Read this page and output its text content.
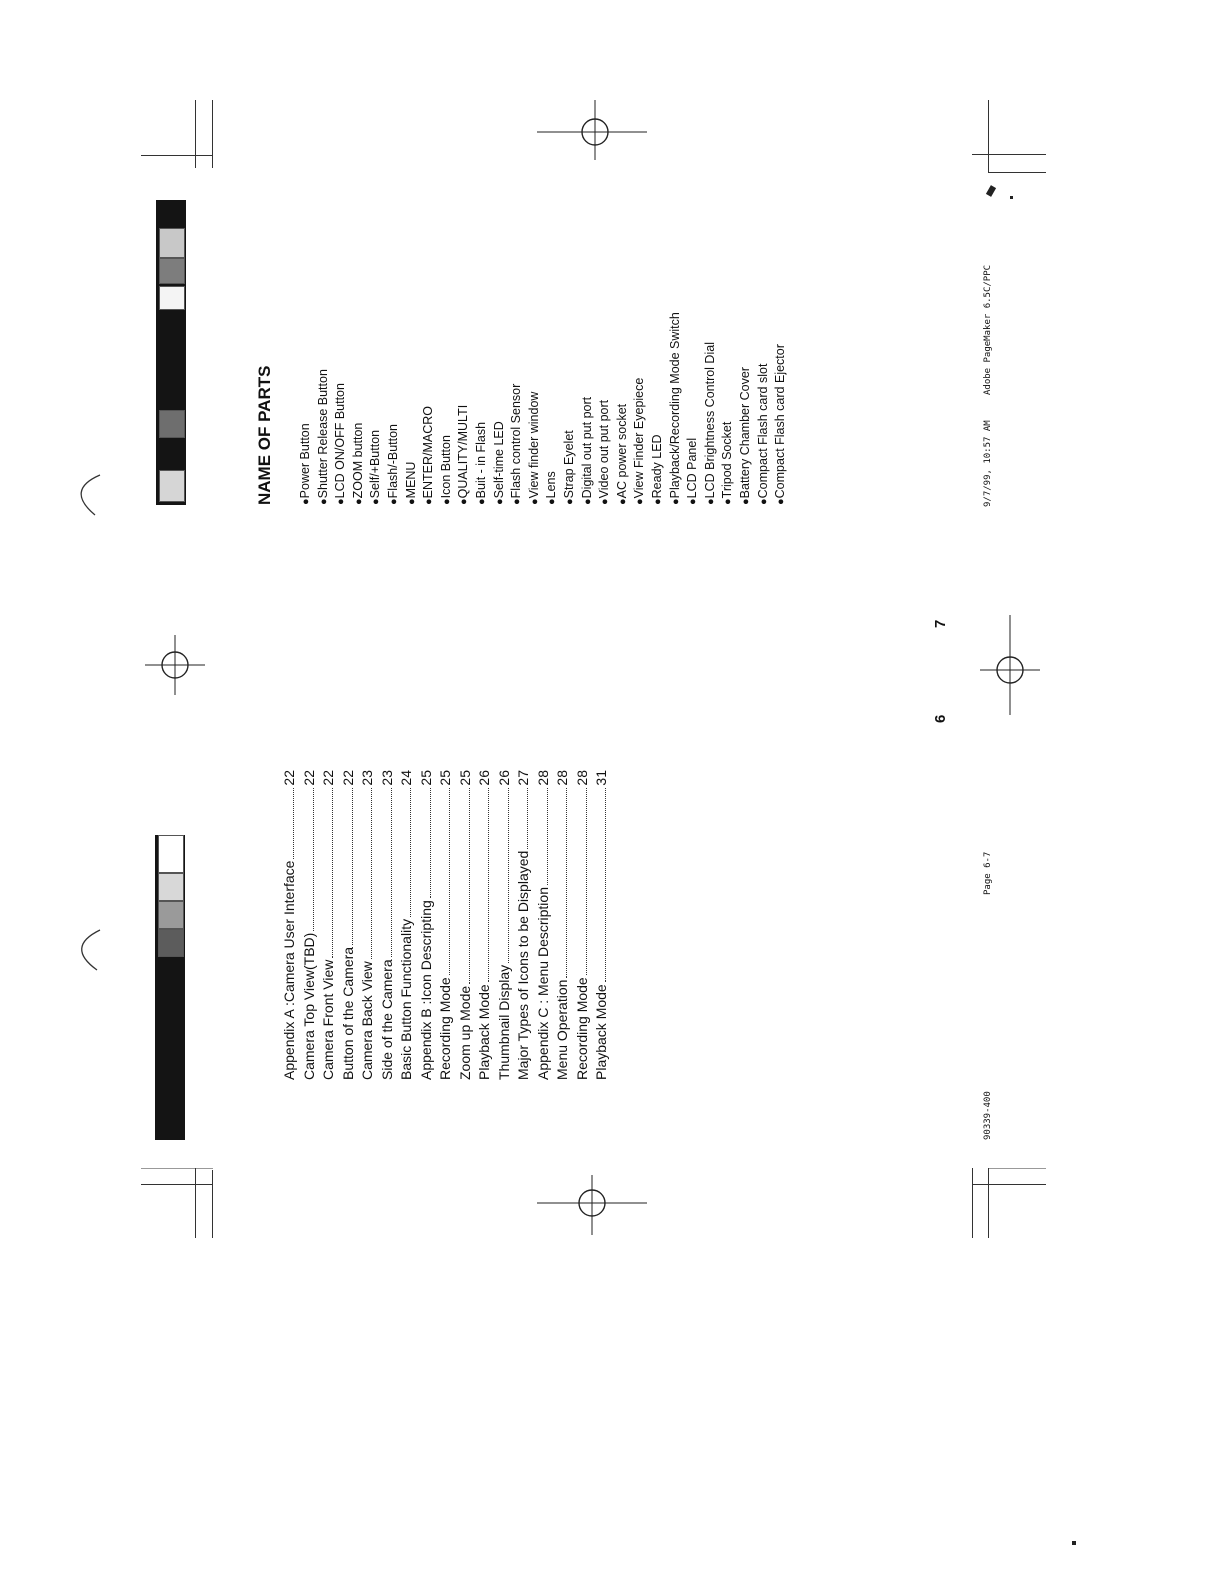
Appendix A :Camera User Interface
22
Camera Top View(TBD)
22
Camera Front View
22
Button of the Camera
22
Camera Back View
23
Side of the Camera
23
Basic Button Functionality
24
Appendix B :Icon Descripting
25
Recording Mode
25
Zoom up Mode
25
Playback Mode
26
Thumbnail Display
26
Major Types of Icons to be Displayed
27
Appendix C : Menu Description
28
Menu Operation
28
Recording Mode
28
Playback Mode
31
NAME OF PARTS ●Power Button
●Shutter Release Button
●LCD ON/OFF Button
●ZOOM button
●Self/+Button
●Flash/-Button
●MENU
●ENTER/MACRO
●Icon Button
●QUALITY/MULTI
●Buit - in Flash
●Self-time LED
●Flash control Sensor
●View finder window
●Lens
●Strap Eyelet
●Digital out put port
●Video out put port
●AC power socket
●View Finder Eyepiece
●Ready LED
●Playback/Recording Mode Switch
●LCD Panel
●LCD Brightness Control Dial
●Tripod Socket
●Battery Chamber Cover
●Compact Flash card slot
●Compact Flash card Ejector
6
7
90339-400
Page 6-7
9/7/99, 10:57 AM
Adobe PageMaker 6.5C/PPC
